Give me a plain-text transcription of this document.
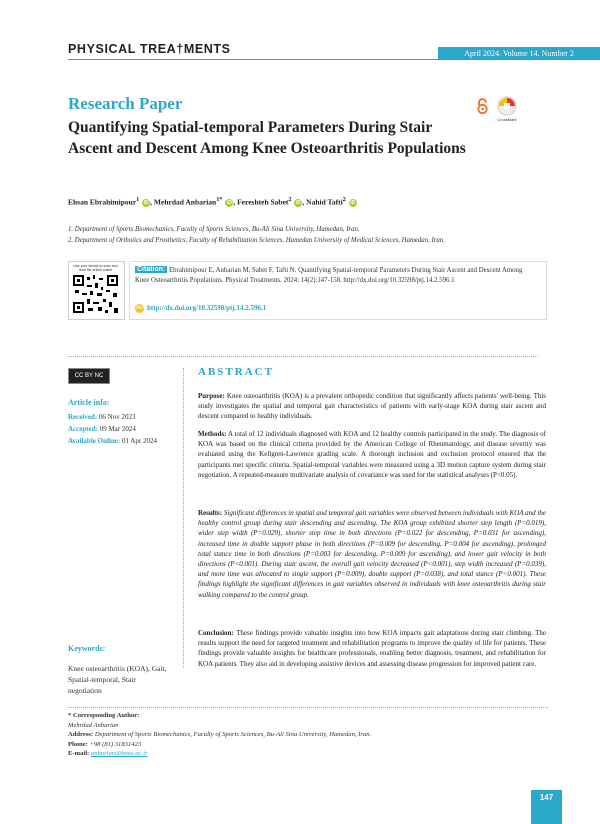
PHYSICAL TREA†MENTS	April 2024. Volume 14. Number 2
Research Paper
Quantifying Spatial-temporal Parameters During Stair Ascent and Descent Among Knee Osteoarthritis Populations
CrossMark
Ehsan Ebrahimipour$^1$ iD , Mehrdad Anbarian$^{1*}$ iD , Fereshteh Sabet$^2$ iD , Nahid Tafti$^2$ iD
1. Department of Sports Biomechanics, Faculty of Sports Sciences, Bu-Ali Sina University, Hamedan, Iran.
2. Department of Orthotics and Prosthetics, Faculty of Rehabilitation Sciences, Hamedan University of Medical Sciences, Hamedan, Iran.
Use your device to scan and read the article online	Ebrahimipour E, Anbarian M, Sabet F, Tafti N. Quantifying Spatial-temporal Parameters During Stair Ascent and Descent Among Knee Osteoarthritis Populations. Physical Treatments. 2024; 14(2):147-158. http://dx.doi.org/10.32598/ptj.14.2.596.1
Citation:
doi http://dx.doi.org/10.32598/ptj.14.2.596.1
CC BY NC
Article info:
Received: 06 Nov 2023
Accepted: 09 Mar 2024
Available Online: 01 Apr 2024
Keywords:
Knee osteoarthritis (KOA), Gait, Spatial-temporal, Stair negotiation
ABSTRACT
Purpose: Knee osteoarthritis (KOA) is a prevalent orthopedic condition that significantly affects patients' well-being. This study investigates the spatial and temporal gait characteristics of patients with early-stage KOA during stair ascent and descent compared to healthy individuals.
Methods: A total of 12 individuals diagnosed with KOA and 12 healthy controls participated in the study. The diagnosis of KOA was based on the clinical criteria provided by the American College of Rheumatology, and disease severity was evaluated using the Kellgren-Lawrence grading scale. A thorough inclusion and exclusion protocol ensured that the participants met specific criteria. Spatial-temporal variables were measured using a 3D motion capture system during stair negotiation. A repeated-measure multivariate analysis of covariance was used for the statistical analyses (P<0.05).
Results: Significant differences in spatial and temporal gait variables were observed between individuals with KOA and the healthy control group during stair descending and ascending. The KOA group exhibited shorter step length (P=0.019), wider step width (P=0.029), shorter step time in both directions (P=0.022 for descending, P=0.031 for ascending), increased time in double support phase in both directions (P=0.009 for descending, P=0.004 for ascending), prolonged total stance time in both directions (P=0.003 for descending, P=0.009 for ascending), and lower gait velocity in both directions (P<0.001). During stair ascent, the overall gait velocity decreased (P<0.001), step width increased (P=0.039), and more time was allocated to single support (P=0.009), double support (P=0.038), and total stance (P<0.001). These findings highlight the significant differences in gait variables observed in individuals with knee osteoarthritis during stair walking compared to the control group.
Conclusion: These findings provide valuable insights into how KOA impacts gait adaptations during stair climbing. The results support the need for targeted treatment and rehabilitation programs to improve the quality of life for patients. These findings provide valuable insights for healthcare professionals, enabling better diagnosis, treatment, and rehabilitation for KOA patients. They also aid in developing assistive devices and assessing disease progression for improved patient care.
* Corresponding Author:
Mehrdad Anbarian
Address: Department of Sports Biomechanics, Faculty of Sports Sciences, Bu-Ali Sina University, Hamedan, Iran.
Phone: +98 (81) 31831423
E-mail: anbarian@basu.ac.ir
147
